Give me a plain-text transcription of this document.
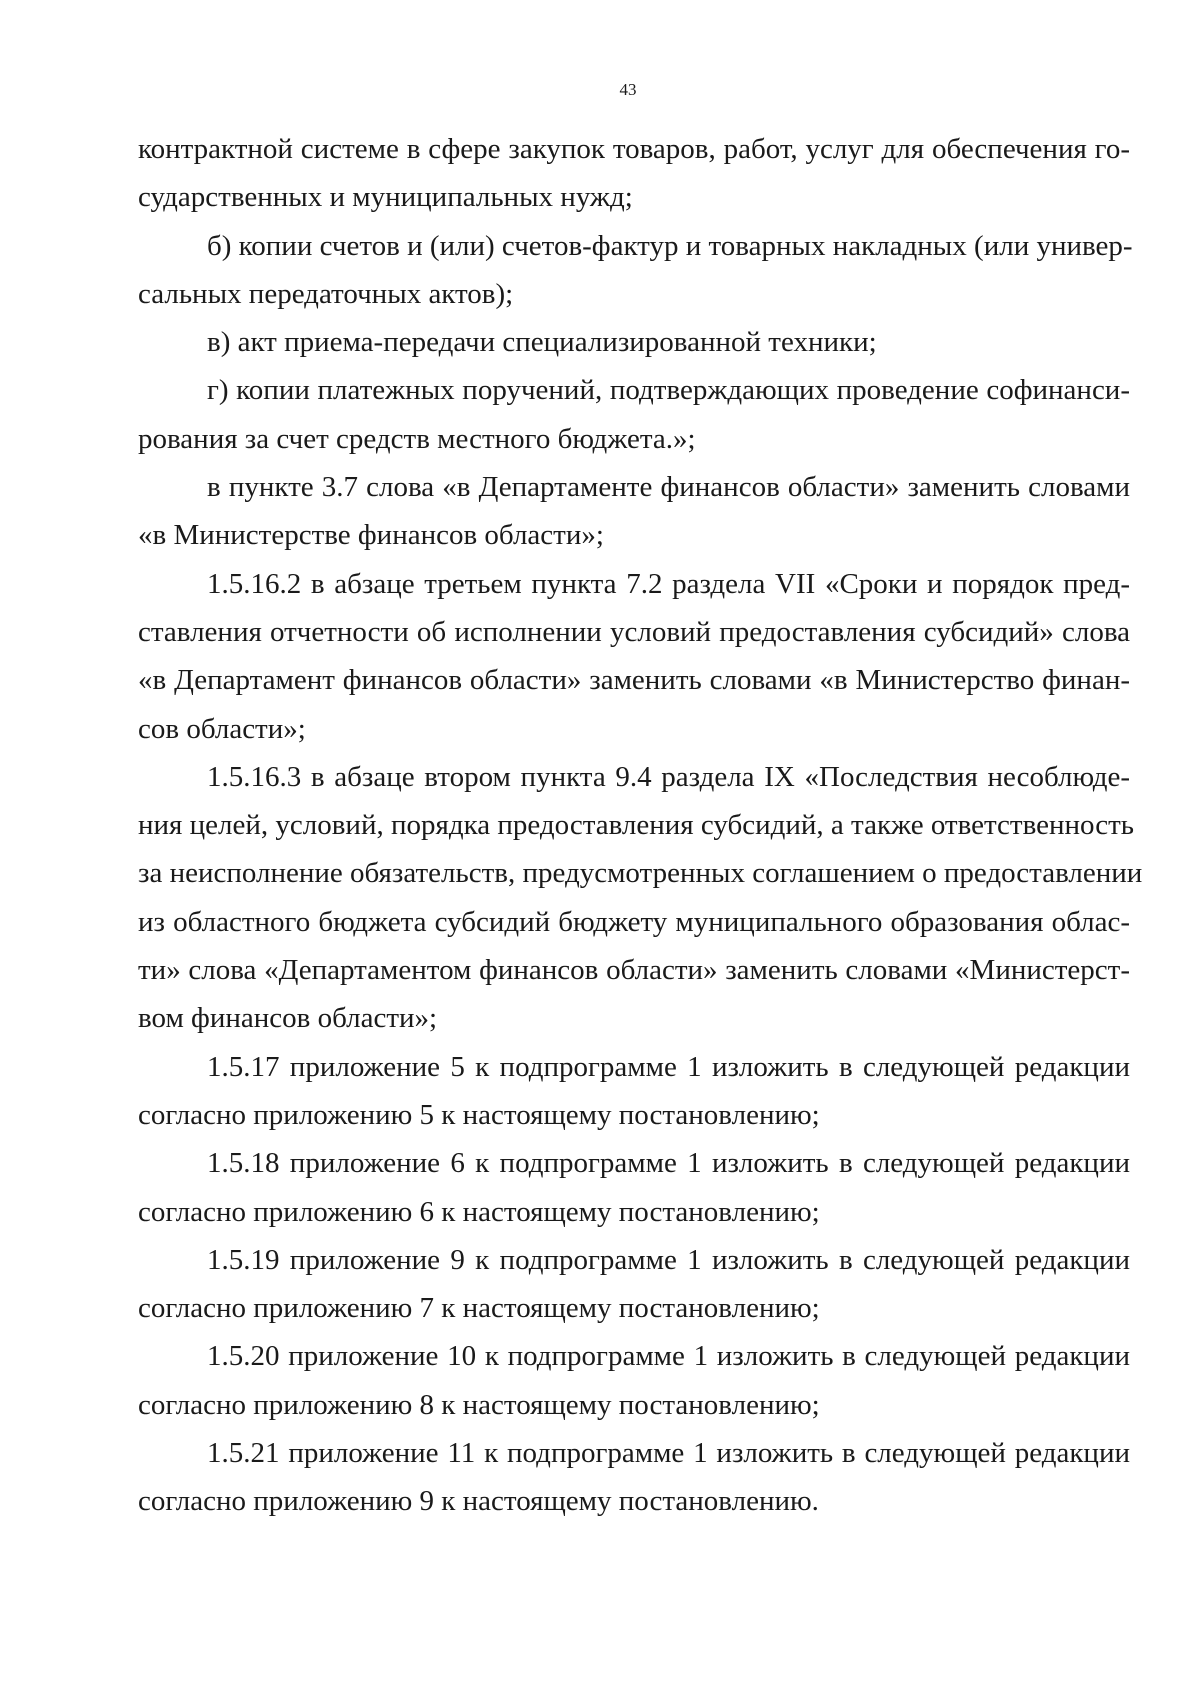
43
контрактной системе в сфере закупок товаров, работ, услуг для обеспечения го-
сударственных и муниципальных нужд;
б) копии счетов и (или) счетов-фактур и товарных накладных (или универ-
сальных передаточных актов);
в) акт приема-передачи специализированной техники;
г) копии платежных поручений, подтверждающих проведение софинанси-
рования за счет средств местного бюджета.»;
в пункте 3.7 слова «в Департаменте финансов области» заменить словами
«в Министерстве финансов области»;
1.5.16.2 в абзаце третьем пункта 7.2 раздела VII «Сроки и порядок пред-
ставления отчетности об исполнении условий предоставления субсидий» слова
«в Департамент финансов области» заменить словами «в Министерство финан-
сов области»;
1.5.16.3 в абзаце втором пункта 9.4 раздела IX «Последствия несоблюде-
ния целей, условий, порядка предоставления субсидий, а также ответственность
за неисполнение обязательств, предусмотренных соглашением о предоставлении
из областного бюджета субсидий бюджету муниципального образования облас-
ти» слова «Департаментом финансов области» заменить словами «Министерст-
вом финансов области»;
1.5.17 приложение 5 к подпрограмме 1 изложить в следующей редакции
согласно приложению 5 к настоящему постановлению;
1.5.18 приложение 6 к подпрограмме 1 изложить в следующей редакции
согласно приложению 6 к настоящему постановлению;
1.5.19 приложение 9 к подпрограмме 1 изложить в следующей редакции
согласно приложению 7 к настоящему постановлению;
1.5.20 приложение 10 к подпрограмме 1 изложить в следующей редакции
согласно приложению 8 к настоящему постановлению;
1.5.21 приложение 11 к подпрограмме 1 изложить в следующей редакции
согласно приложению 9 к настоящему постановлению.
